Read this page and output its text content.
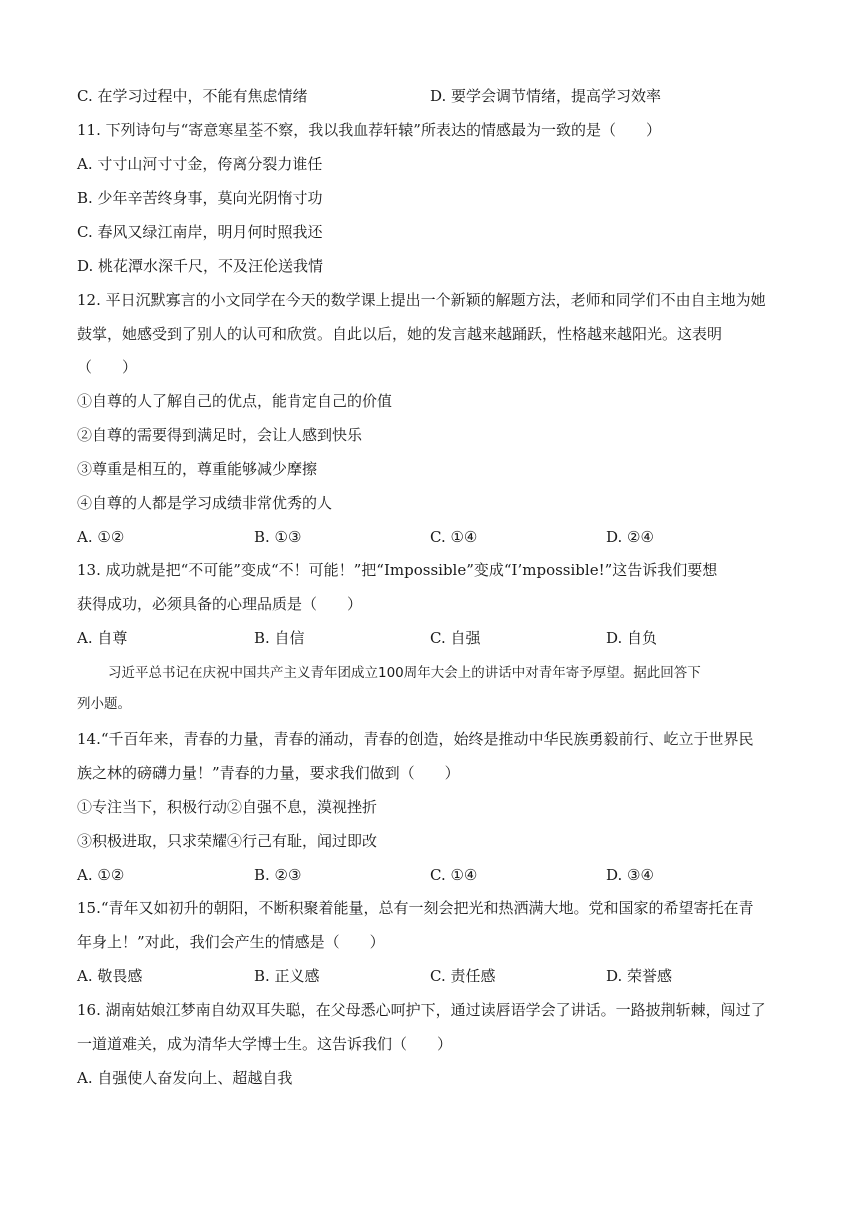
C. 在学习过程中，不能有焦虑情绪	D. 要学会调节情绪，提高学习效率
11. 下列诗句与“寄意寒星荃不察，我以我血荐轩辕”所表达的情感最为一致的是（　　）
A. 寸寸山河寸寸金，侉离分裂力谁任
B. 少年辛苦终身事，莫向光阴惰寸功
C. 春风又绿江南岸，明月何时照我还
D. 桃花潭水深千尺，不及汪伦送我情
12. 平日沉默寡言的小文同学在今天的数学课上提出一个新颖的解题方法，老师和同学们不由自主地为她
鼓掌，她感受到了别人的认可和欣赏。自此以后，她的发言越来越踊跃，性格越来越阳光。这表明
（　　）
①自尊的人了解自己的优点，能肯定自己的价值
②自尊的需要得到满足时，会让人感到快乐
③尊重是相互的，尊重能够减少摩擦
④自尊的人都是学习成绩非常优秀的人
A. ①②	B. ①③	C. ①④	D. ②④
13. 成功就是把“不可能”变成“不！可能！”把“Impossible”变成“I’mpossible!”这告诉我们要想
获得成功，必须具备的心理品质是（　　）
A. 自尊	B. 自信	C. 自强	D. 自负
习近平总书记在庆祝中国共产主义青年团成立100周年大会上的讲话中对青年寄予厚望。据此回答下
列小题。
14.“千百年来，青春的力量，青春的涌动，青春的创造，始终是推动中华民族勇毅前行、屹立于世界民
族之林的磅礴力量！”青春的力量，要求我们做到（　　）
①专注当下，积极行动②自强不息，漠视挫折
③积极进取，只求荣耀④行己有耻，闻过即改
A. ①②	B. ②③	C. ①④	D. ③④
15.“青年又如初升的朝阳，不断积聚着能量，总有一刻会把光和热洒满大地。党和国家的希望寄托在青
年身上！”对此，我们会产生的情感是（　　）
A. 敬畏感	B. 正义感	C. 责任感	D. 荣誉感
16. 湖南姑娘江梦南自幼双耳失聪，在父母悉心呵护下，通过读唇语学会了讲话。一路披荆斩棘，闯过了
一道道难关，成为清华大学博士生。这告诉我们（　　）
A. 自强使人奋发向上、超越自我
